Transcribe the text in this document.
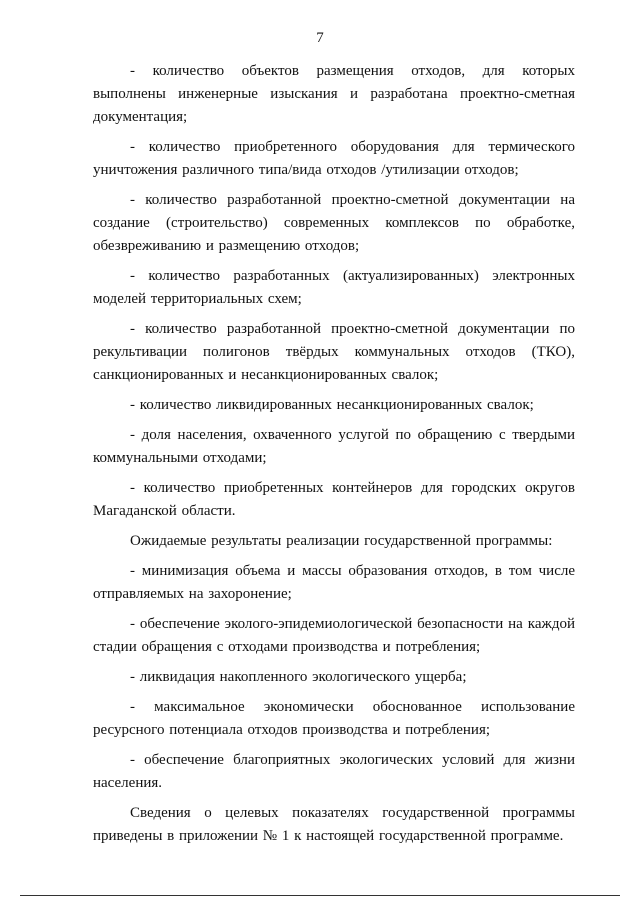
7

- количество объектов размещения отходов, для которых выполнены инженерные изыскания и разработана проектно-сметная документация;

- количество приобретенного оборудования для термического уничтожения различного типа/вида отходов /утилизации отходов;

- количество разработанной проектно-сметной документации на создание (строительство) современных комплексов по обработке, обезвреживанию и размещению отходов;

- количество разработанных (актуализированных) электронных моделей территориальных схем;

- количество разработанной проектно-сметной документации по рекультивации полигонов твёрдых коммунальных отходов (ТКО), санкционированных и несанкционированных свалок;

- количество ликвидированных несанкционированных свалок;

- доля населения, охваченного услугой по обращению с твердыми коммунальными отходами;

- количество приобретенных контейнеров для городских округов Магаданской области.

Ожидаемые результаты реализации государственной программы:

- минимизация объема и массы образования отходов, в том числе отправляемых на захоронение;

- обеспечение эколого-эпидемиологической безопасности на каждой стадии обращения с отходами производства и потребления;

- ликвидация накопленного экологического ущерба;

- максимальное экономически обоснованное использование ресурсного потенциала отходов производства и потребления;

- обеспечение благоприятных экологических условий для жизни населения.

Сведения о целевых показателях государственной программы приведены в приложении № 1 к настоящей государственной программе.
